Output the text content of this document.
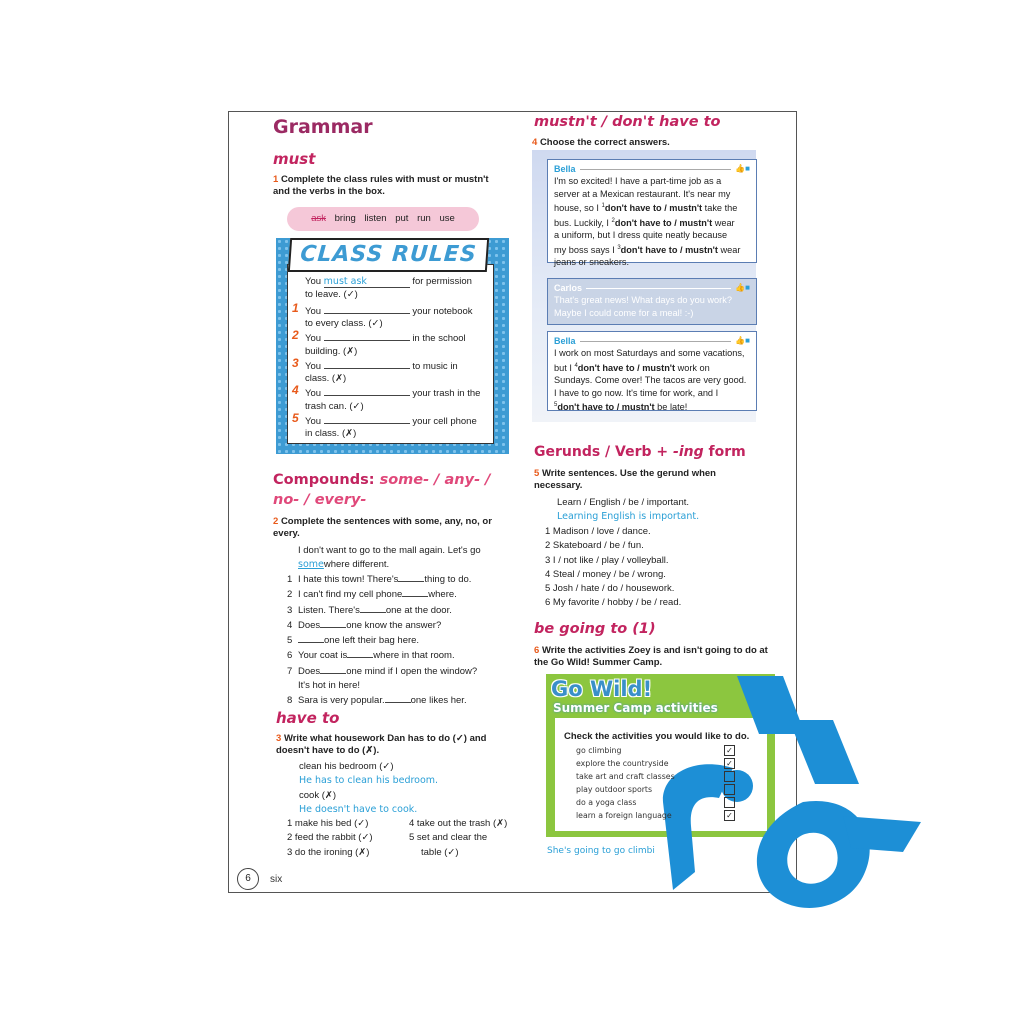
Grammar
must
1 Complete the class rules with must or mustn't and the verbs in the box.
ask bring listen put run use
CLASS RULES
Compounds: some- / any- /
no- / every-
2 Complete the sentences with some, any, no, or every.
I don't want to go to the mall again. Let's go
somewhere different.
1 I hate this town! There's	thing to do.
2 I can't find my cell phone	where.
3 Listen. There's	one at the door.
4 Does	one know the answer?
5	one left their bag here.
6 Your coat is	where in that room.
7 Does	one mind if I open the window?
It's hot in here!
8 Sara is very popular.	one likes her.
have to
3 Write what housework Dan has to do (✓) and doesn't have to do (✗).
clean his bedroom (✓)
He has to clean his bedroom.
cook (✗)
He doesn't have to cook.
1 make his bed (✓)
2 feed the rabbit (✓)
3 do the ironing (✗)
4 take out the trash (✗)
5 set and clear the
table (✓)
6	six
mustn't / don't have to
4 Choose the correct answers.
Bella	👍■
I'm so excited! I have a part-time job as a
server at a Mexican restaurant. It's near my
house, so I $^1$don't have to / mustn't take the
bus. Luckily, I $^2$don't have to / mustn't wear
a uniform, but I dress quite neatly because
my boss says I $^3$don't have to / mustn't wear
jeans or sneakers.
Carlos	👍■
That's great news! What days do you work?
Maybe I could come for a meal! :-)
Bella	👍■
I work on most Saturdays and some vacations,
but I $^4$don't have to / mustn't work on
Sundays. Come over! The tacos are very good.
I have to go now. It's time for work, and I
$^5$don't have to / mustn't be late!
Gerunds / Verb + -ing form
5 Write sentences. Use the gerund when necessary.
Learn / English / be / important.
Learning English is important.
1 Madison / love / dance.
2 Skateboard / be / fun.
3 I / not like / play / volleyball.
4 Steal / money / be / wrong.
5 Josh / hate / do / housework.
6 My favorite / hobby / be / read.
be going to (1)
6 Write the activities Zoey is and isn't going to do at the Go Wild! Summer Camp.
She's going to go climbi
You must ask	for permission
to leave. (✓)
1 You	your notebook
to every class. (✓)
2 You	in the school
building. (✗)
3 You	to music in
class. (✗)
4 You	your trash in the
trash can. (✓)
5 You	your cell phone
in class. (✗)
Go Wild!
Summer Camp activities
Check the activities you would like to do.
go climbing	✓
explore the countryside	✓
take art and craft classes
play outdoor sports
do a yoga class
learn a foreign language	✓
